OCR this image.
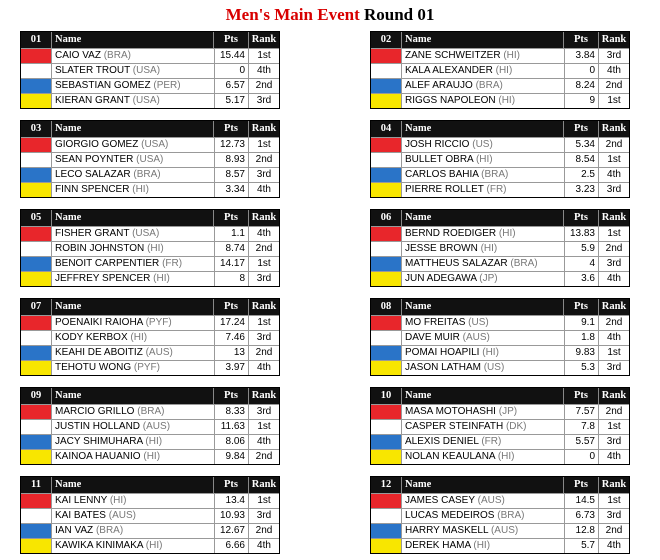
Men's Main Event Round 01
01	Name	Pts	Rank
CAIO VAZ (BRA)	15.44	1st
SLATER TROUT (USA)	0	4th
SEBASTIAN GOMEZ (PER)	6.57	2nd
KIERAN GRANT (USA)	5.17	3rd
02	Name	Pts	Rank
ZANE SCHWEITZER (HI)	3.84	3rd
KALA ALEXANDER (HI)	0	4th
ALEF ARAUJO (BRA)	8.24	2nd
RIGGS NAPOLEON (HI)	9	1st
03	Name	Pts	Rank
GIORGIO GOMEZ (USA)	12.73	1st
SEAN POYNTER (USA)	8.93	2nd
LECO SALAZAR (BRA)	8.57	3rd
FINN SPENCER (HI)	3.34	4th
04	Name	Pts	Rank
JOSH RICCIO (US)	5.34	2nd
BULLET OBRA (HI)	8.54	1st
CARLOS BAHIA (BRA)	2.5	4th
PIERRE ROLLET (FR)	3.23	3rd
05	Name	Pts	Rank
FISHER GRANT (USA)	1.1	4th
ROBIN JOHNSTON (HI)	8.74	2nd
BENOIT CARPENTIER (FR)	14.17	1st
JEFFREY SPENCER (HI)	8	3rd
06	Name	Pts	Rank
BERND ROEDIGER (HI)	13.83	1st
JESSE BROWN (HI)	5.9	2nd
MATTHEUS SALAZAR (BRA)	4	3rd
JUN ADEGAWA (JP)	3.6	4th
07	Name	Pts	Rank
POENAIKI RAIOHA (PYF)	17.24	1st
KODY KERBOX (HI)	7.46	3rd
KEAHI DE ABOITIZ (AUS)	13	2nd
TEHOTU WONG (PYF)	3.97	4th
08	Name	Pts	Rank
MO FREITAS (US)	9.1	2nd
DAVE MUIR (AUS)	1.8	4th
POMAI HOAPILI (HI)	9.83	1st
JASON LATHAM (US)	5.3	3rd
09	Name	Pts	Rank
MARCIO GRILLO (BRA)	8.33	3rd
JUSTIN HOLLAND (AUS)	11.63	1st
JACY SHIMUHARA (HI)	8.06	4th
KAINOA HAUANIO (HI)	9.84	2nd
10	Name	Pts	Rank
MASA MOTOHASHI (JP)	7.57	2nd
CASPER STEINFATH (DK)	7.8	1st
ALEXIS DENIEL (FR)	5.57	3rd
NOLAN KEAULANA (HI)	0	4th
11	Name	Pts	Rank
KAI LENNY (HI)	13.4	1st
KAI BATES (AUS)	10.93	3rd
IAN VAZ (BRA)	12.67	2nd
KAWIKA KINIMAKA (HI)	6.66	4th
12	Name	Pts	Rank
JAMES CASEY (AUS)	14.5	1st
LUCAS MEDEIROS (BRA)	6.73	3rd
HARRY MASKELL (AUS)	12.8	2nd
DEREK HAMA (HI)	5.7	4th
